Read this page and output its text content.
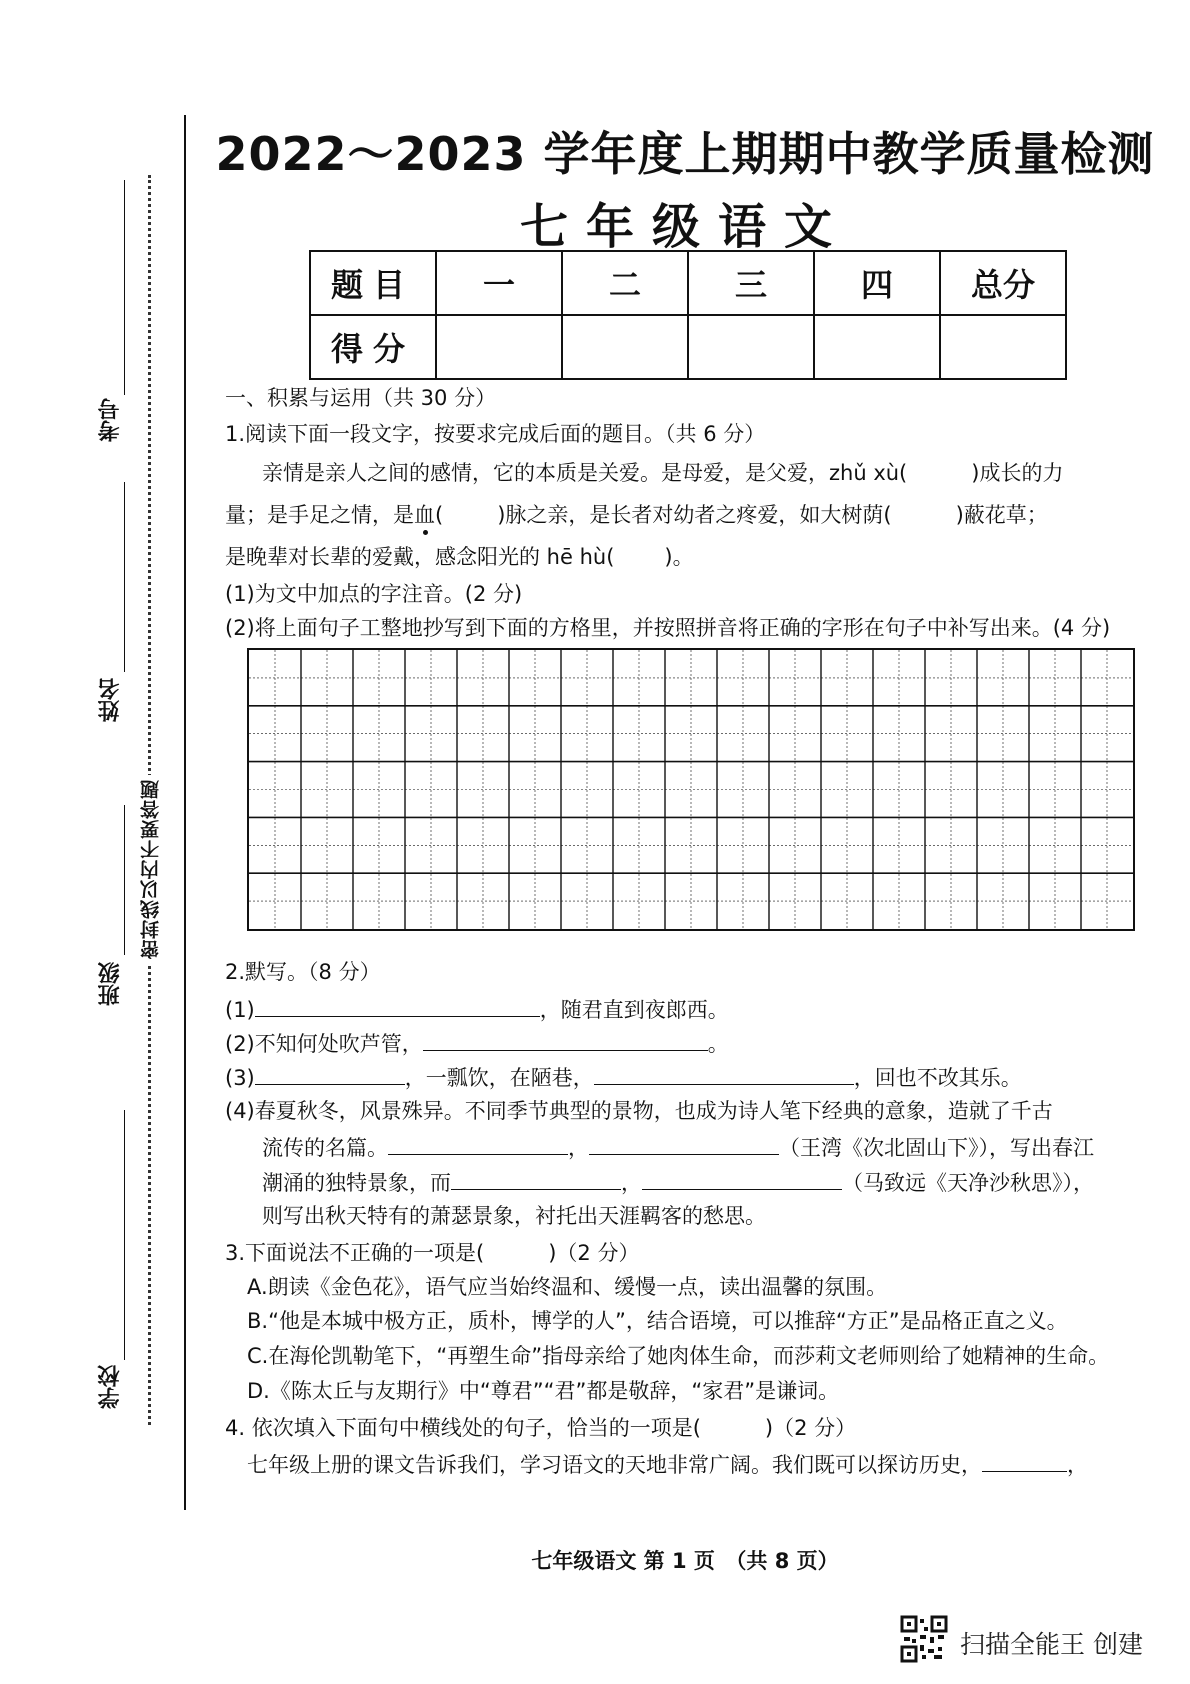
考号
姓名
班级
学校
密封线以内不要答题
2022～2023 学年度上期期中教学质量检测
七年级语文
题目	一	二	三	四	总分
得分					
一、积累与运用（共 30 分）
1.阅读下面一段文字，按要求完成后面的题目。（共 6 分）
亲情是亲人之间的感情，它的本质是关爱。是母爱，是父爱，zhǔ xù(	)成长的力
量；是手足之情，是血(	)脉之亲，是长者对幼者之疼爱，如大树荫(	)蔽花草；
是晚辈对长辈的爱戴，感念阳光的 hē hù( )。
(1)为文中加点的字注音。(2 分)
(2)将上面句子工整地抄写到下面的方格里，并按照拼音将正确的字形在句子中补写出来。(4 分)
2.默写。（8 分）
(1)	，随君直到夜郎西。
(2)不知何处吹芦管，	。
(3)	，一瓢饮，在陋巷，	，回也不改其乐。
(4)春夏秋冬，风景殊异。不同季节典型的景物，也成为诗人笔下经典的意象，造就了千古
流传的名篇。	，	（王湾《次北固山下》），写出春江
潮涌的独特景象，而	，	（马致远《天净沙秋思》），
则写出秋天特有的萧瑟景象，衬托出天涯羁客的愁思。
3.下面说法不正确的一项是(	)（2 分）
A.朗读《金色花》，语气应当始终温和、缓慢一点，读出温馨的氛围。
B.“他是本城中极方正，质朴，博学的人”，结合语境，可以推辞“方正”是品格正直之义。
C.在海伦凯勒笔下，“再塑生命”指母亲给了她肉体生命，而莎莉文老师则给了她精神的生命。
D.《陈太丘与友期行》中“尊君”“君”都是敬辞，“家君”是谦词。
4. 依次填入下面句中横线处的句子，恰当的一项是(	)（2 分）
七年级上册的课文告诉我们，学习语文的天地非常广阔。我们既可以探访历史，	，
七年级语文 第 1 页　（共 8 页）
扫描全能王 创建
